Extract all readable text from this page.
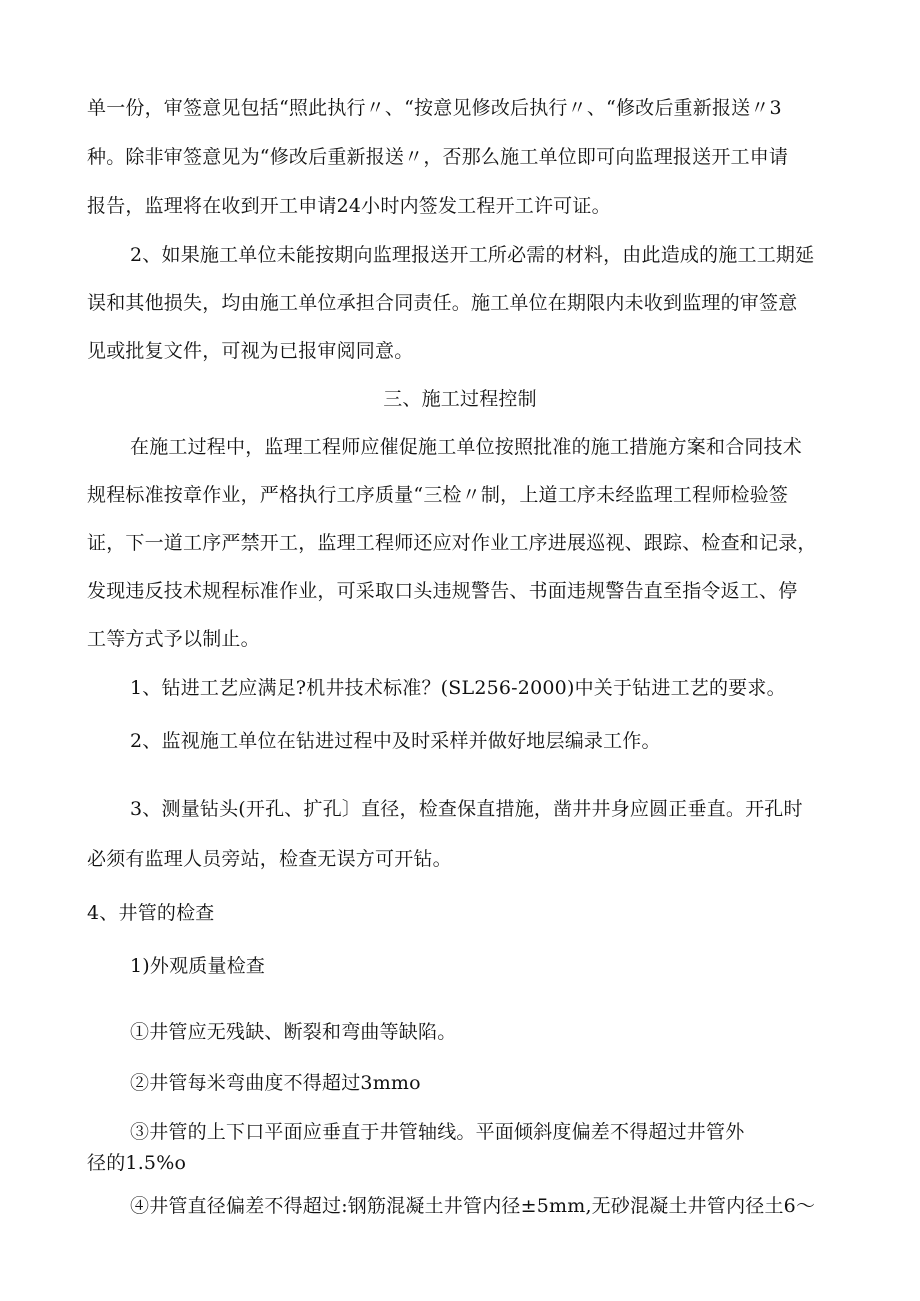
单一份，审签意见包括“照此执行〃、“按意见修改后执行〃、“修改后重新报送〃3
种。除非审签意见为“修改后重新报送〃，否那么施工单位即可向监理报送开工申请
报告，监理将在收到开工申请24小时内签发工程开工许可证。
2、如果施工单位未能按期向监理报送开工所必需的材料，由此造成的施工工期延
误和其他损失，均由施工单位承担合同责任。施工单位在期限内未收到监理的审签意
见或批复文件，可视为已报审阅同意。
三、施工过程控制
在施工过程中，监理工程师应催促施工单位按照批准的施工措施方案和合同技术
规程标准按章作业，严格执行工序质量“三检〃制，上道工序未经监理工程师检验签
证，下一道工序严禁开工，监理工程师还应对作业工序进展巡视、跟踪、检查和记录，
发现违反技术规程标准作业，可采取口头违规警告、书面违规警告直至指令返工、停
工等方式予以制止。
1、钻进工艺应满足?机井技术标准？(SL256-2000)中关于钻进工艺的要求。
2、监视施工单位在钻进过程中及时采样并做好地层编录工作。
3、测量钻头(开孔、扩孔〕直径，检查保直措施，凿井井身应圆正垂直。开孔时
必须有监理人员旁站，检查无误方可开钻。
4、井管的检查
1)外观质量检查
①井管应无残缺、断裂和弯曲等缺陷。
②井管每米弯曲度不得超过3mmo
③井管的上下口平面应垂直于井管轴线。平面倾斜度偏差不得超过井管外
径的1.5%o
④井管直径偏差不得超过:钢筋混凝土井管内径±5mm,无砂混凝土井管内径土6～
